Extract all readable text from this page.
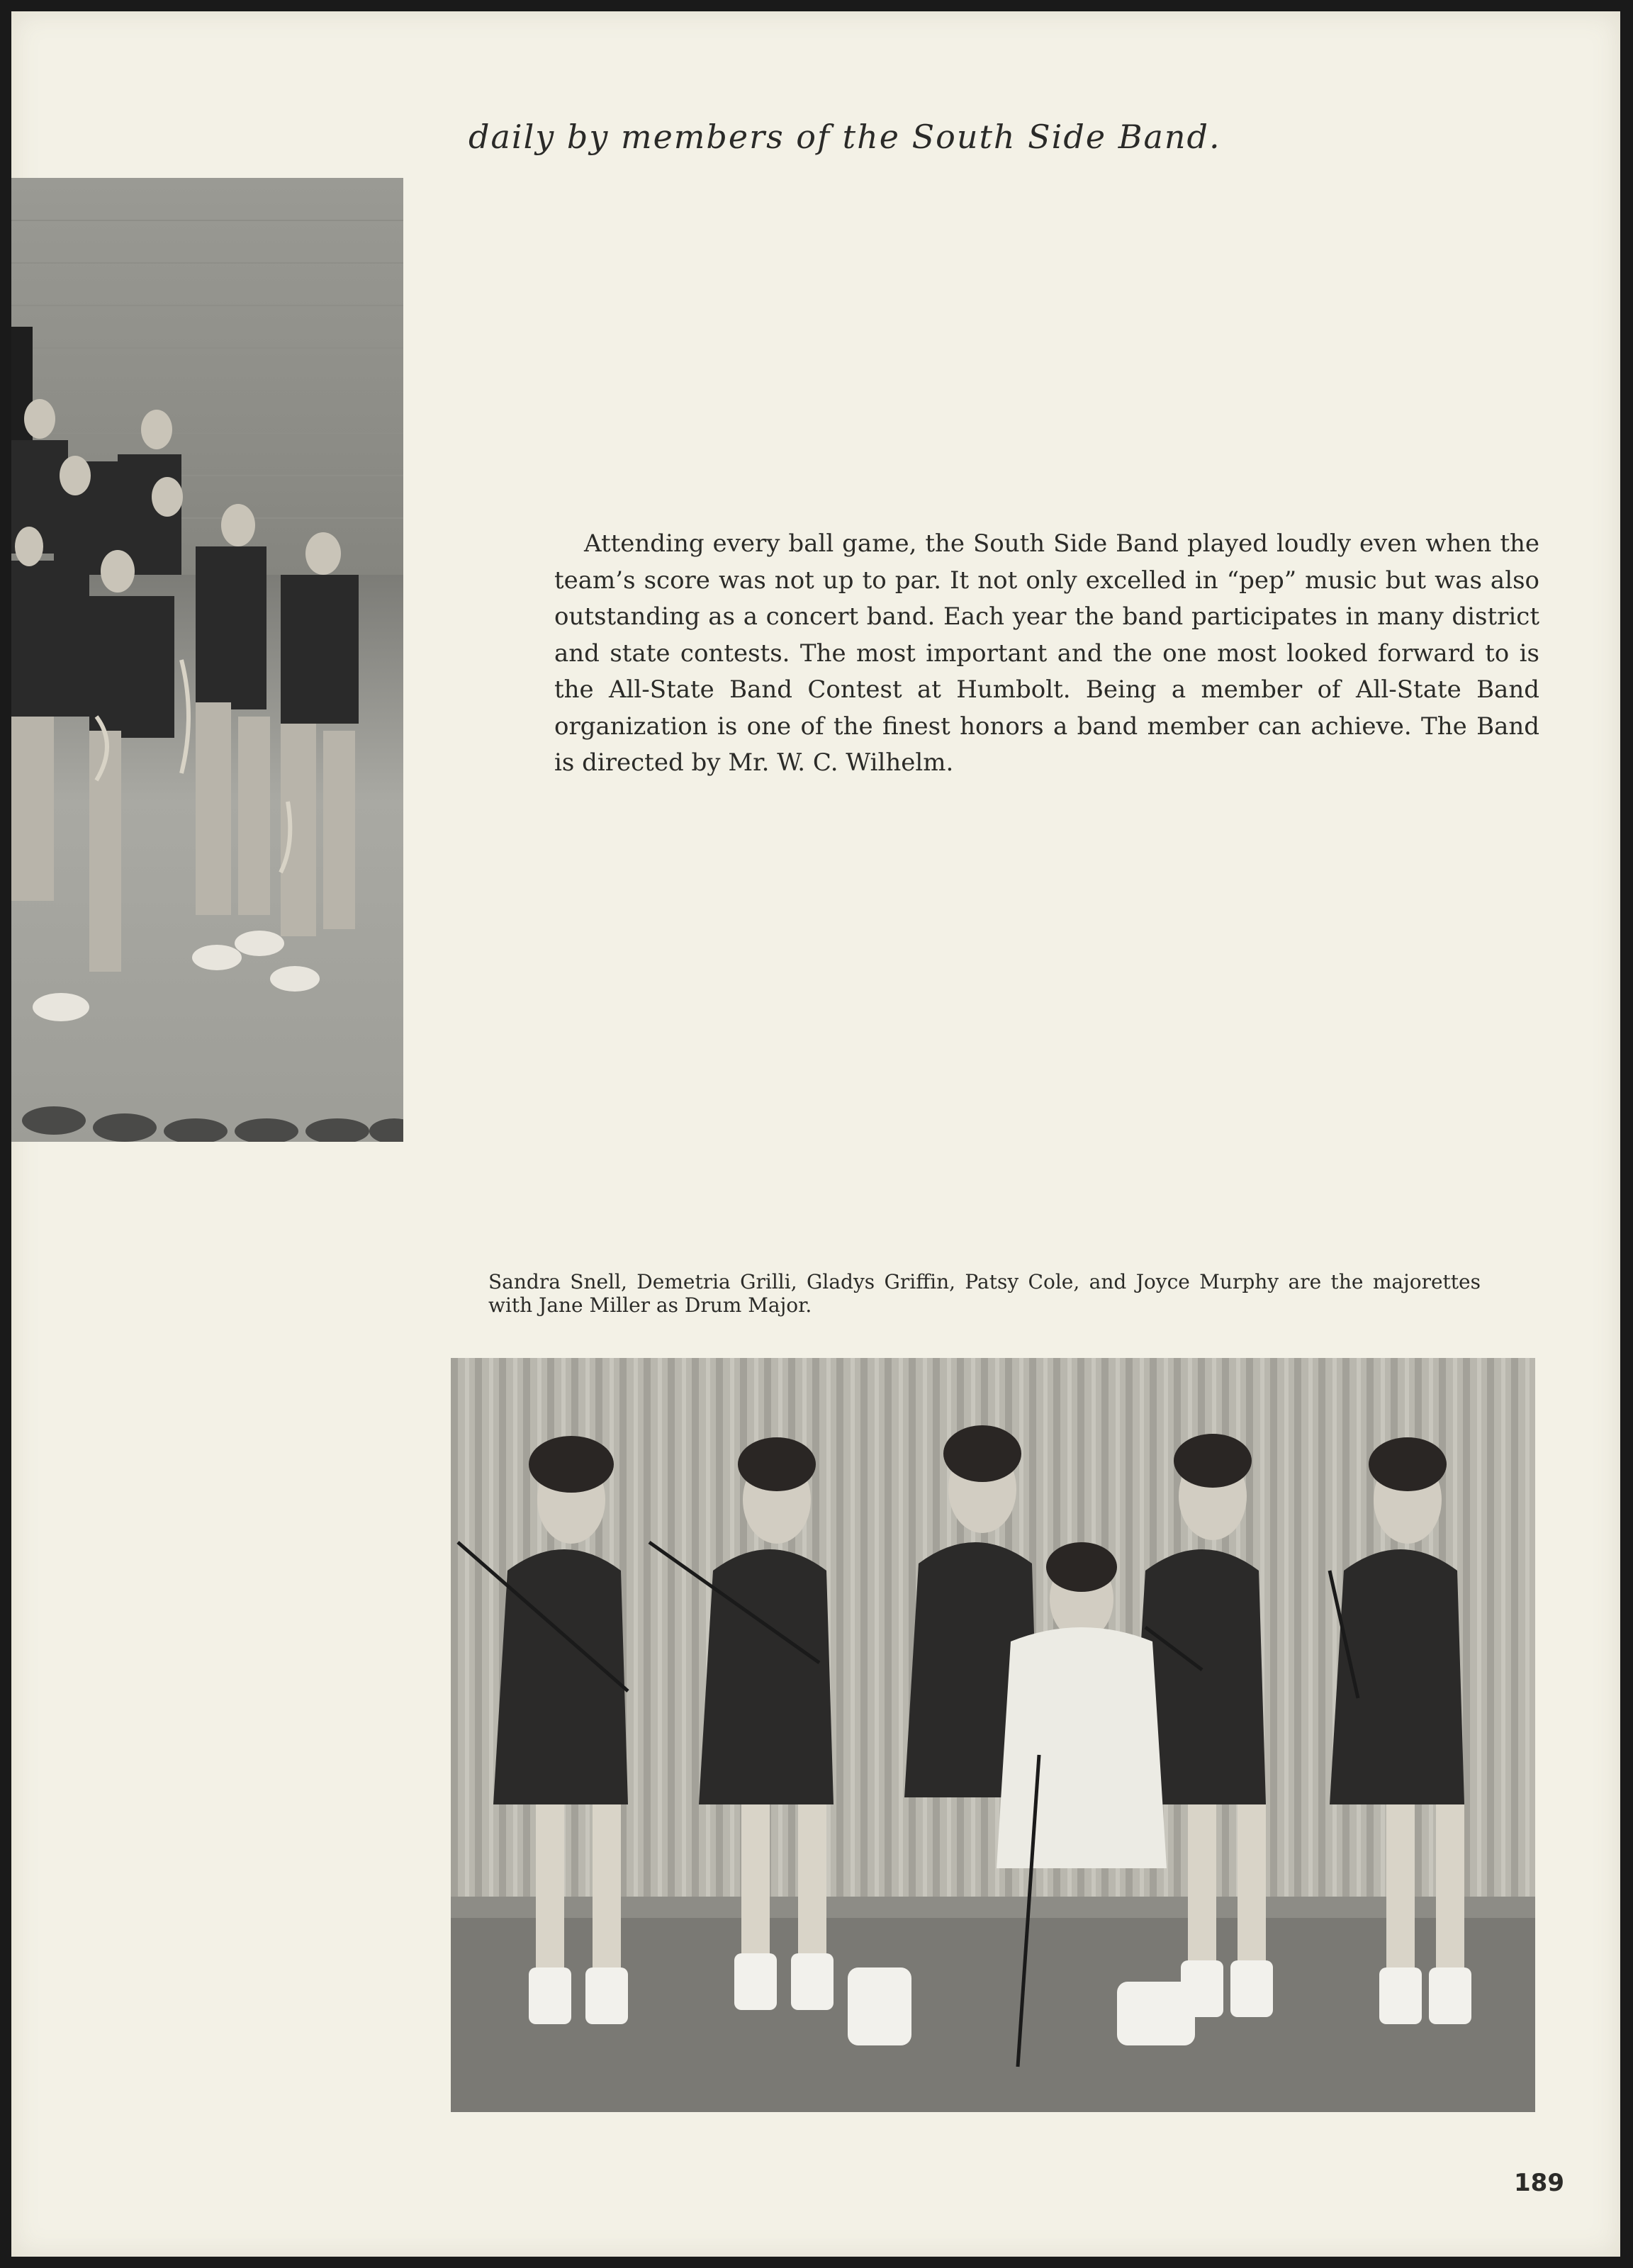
daily by members of the South Side Band.

Attending every ball game, the South Side Band played loudly even when the team’s score was not up to par. It not only excelled in “pep” music but was also outstanding as a concert band. Each year the band participates in many district and state contests. The most important and the one most looked forward to is the All-State Band Contest at Humbolt. Being a member of All-State Band organization is one of the finest honors a band member can achieve. The Band is directed by Mr. W. C. Wilhelm.

Sandra Snell, Demetria Grilli, Gladys Griffin, Patsy Cole, and Joyce Murphy are the majorettes with Jane Miller as Drum Major.

189
